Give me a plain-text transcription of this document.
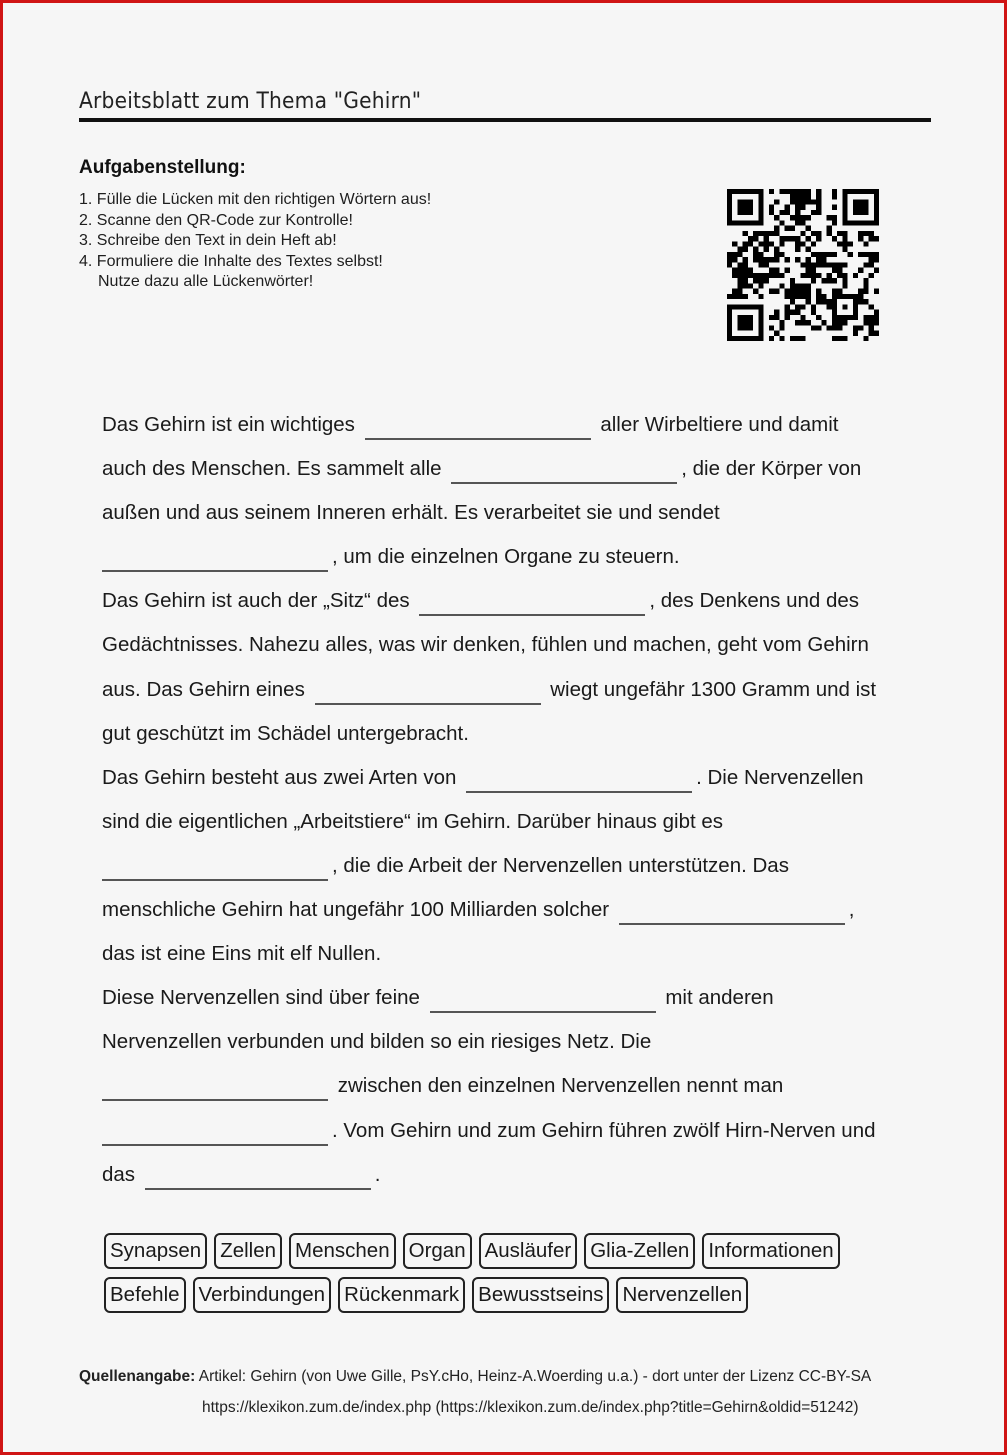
Arbeitsblatt zum Thema "Gehirn"
Aufgabenstellung:
1. Fülle die Lücken mit den richtigen Wörtern aus!
2. Scanne den QR-Code zur Kontrolle!
3. Schreibe den Text in dein Heft ab!
4. Formuliere die Inhalte des Textes selbst!
Nutze dazu alle Lückenwörter!
Das Gehirn ist ein wichtiges	aller Wirbeltiere und damit
auch des Menschen. Es sammelt alle	, die der Körper von
außen und aus seinem Inneren erhält. Es verarbeitet sie und sendet
, um die einzelnen Organe zu steuern.
Das Gehirn ist auch der „Sitz“ des	, des Denkens und des
Gedächtnisses. Nahezu alles, was wir denken, fühlen und machen, geht vom Gehirn
aus. Das Gehirn eines	wiegt ungefähr 1300 Gramm und ist
gut geschützt im Schädel untergebracht.
Das Gehirn besteht aus zwei Arten von	. Die Nervenzellen
sind die eigentlichen „Arbeitstiere“ im Gehirn. Darüber hinaus gibt es
, die die Arbeit der Nervenzellen unterstützen. Das
menschliche Gehirn hat ungefähr 100 Milliarden solcher	,
das ist eine Eins mit elf Nullen.
Diese Nervenzellen sind über feine	mit anderen
Nervenzellen verbunden und bilden so ein riesiges Netz. Die
zwischen den einzelnen Nervenzellen nennt man
. Vom Gehirn und zum Gehirn führen zwölf Hirn-Nerven und
das	.
Synapsen Zellen Menschen Organ Ausläufer Glia-Zellen Informationen
Befehle Verbindungen Rückenmark Bewusstseins Nervenzellen
Quellenangabe: Artikel: Gehirn (von Uwe Gille, PsY.cHo, Heinz-A.Woerding u.a.) - dort unter der Lizenz CC-BY-SA
https://klexikon.zum.de/index.php (https://klexikon.zum.de/index.php?title=Gehirn&oldid=51242)
